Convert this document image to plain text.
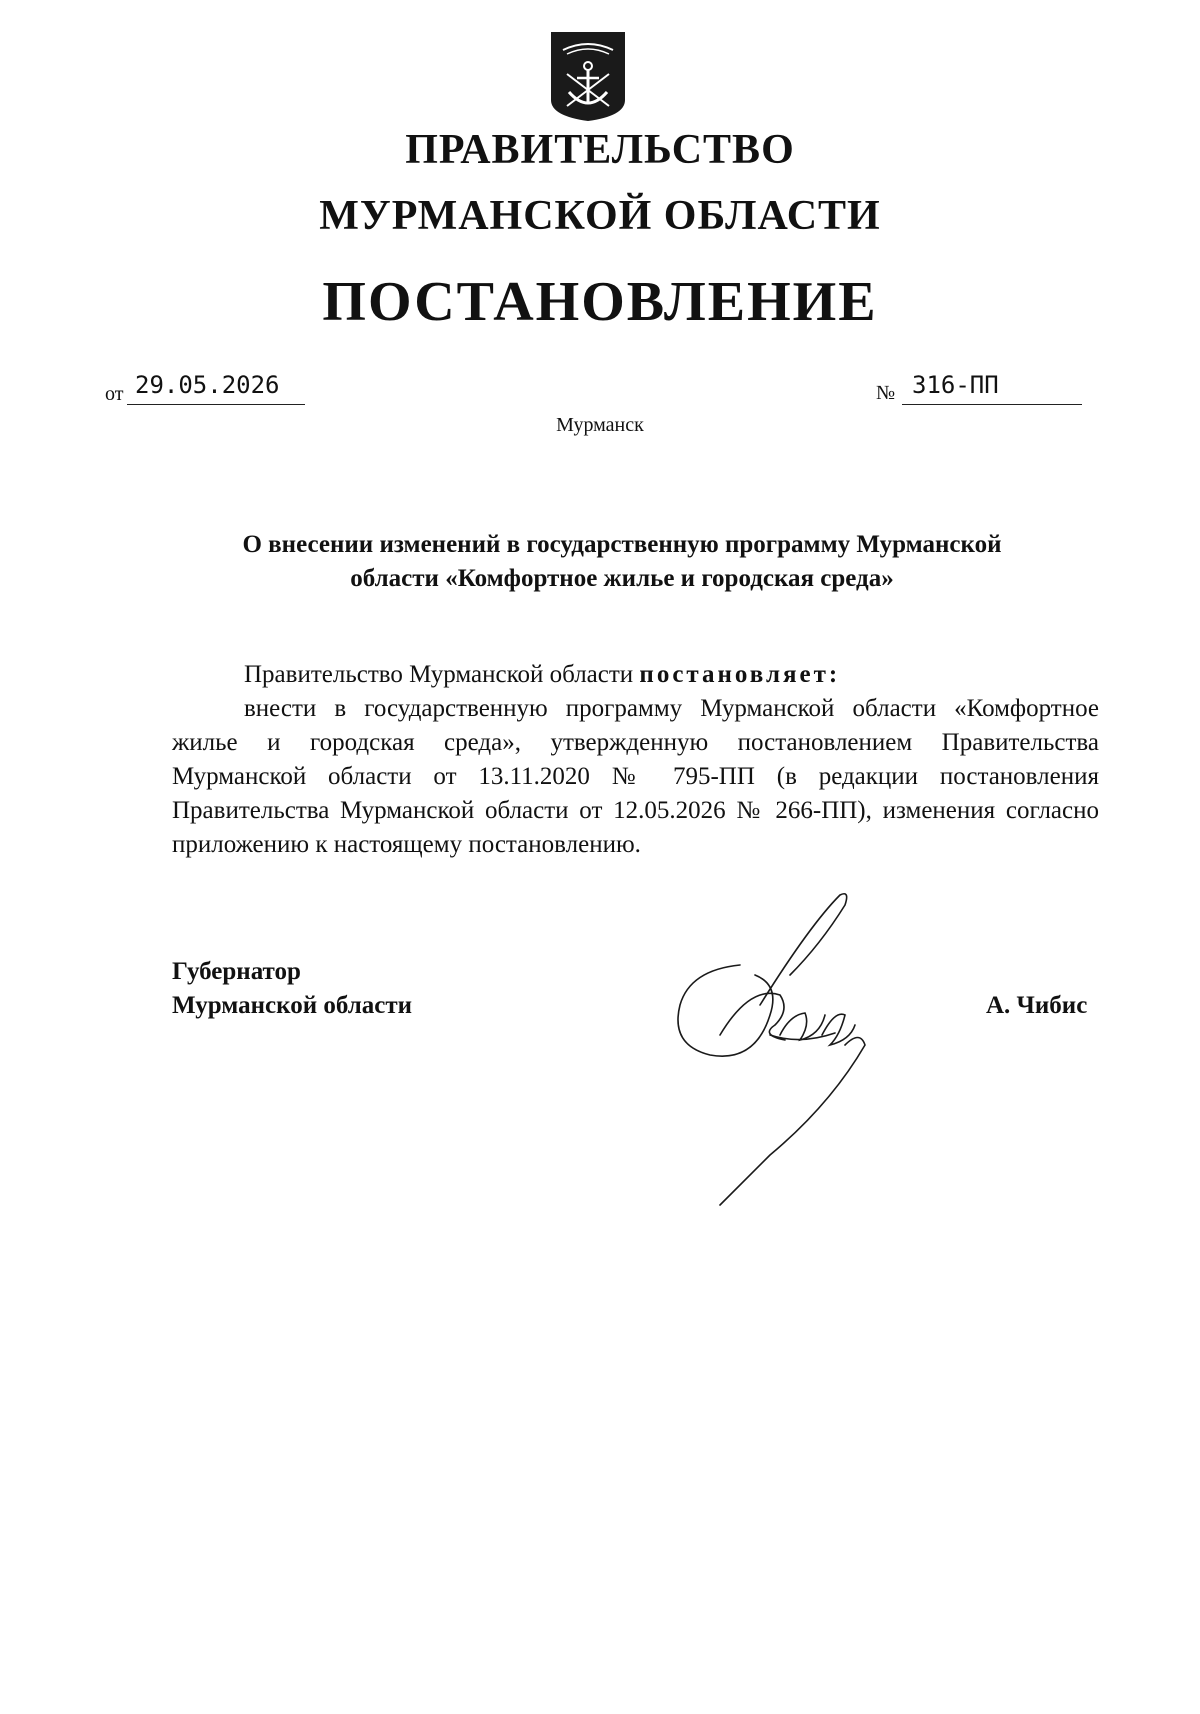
ПРАВИТЕЛЬСТВО
МУРМАНСКОЙ ОБЛАСТИ
ПОСТАНОВЛЕНИЕ
от 29.05.2026	№ 316-ПП
Мурманск
О внесении изменений в государственную программу Мурманской
области «Комфортное жилье и городская среда»

Правительство Мурманской области постановляет:

внести в государственную программу Мурманской области «Комфортное жилье и городская среда», утвержденную постановлением Правительства Мурманской области от 13.11.2020 № 795-ПП (в редакции постановления Правительства Мурманской области от 12.05.2026 № 266-ПП), изменения согласно приложению к настоящему постановлению.

Губернатор
Мурманской области	А. Чибис
